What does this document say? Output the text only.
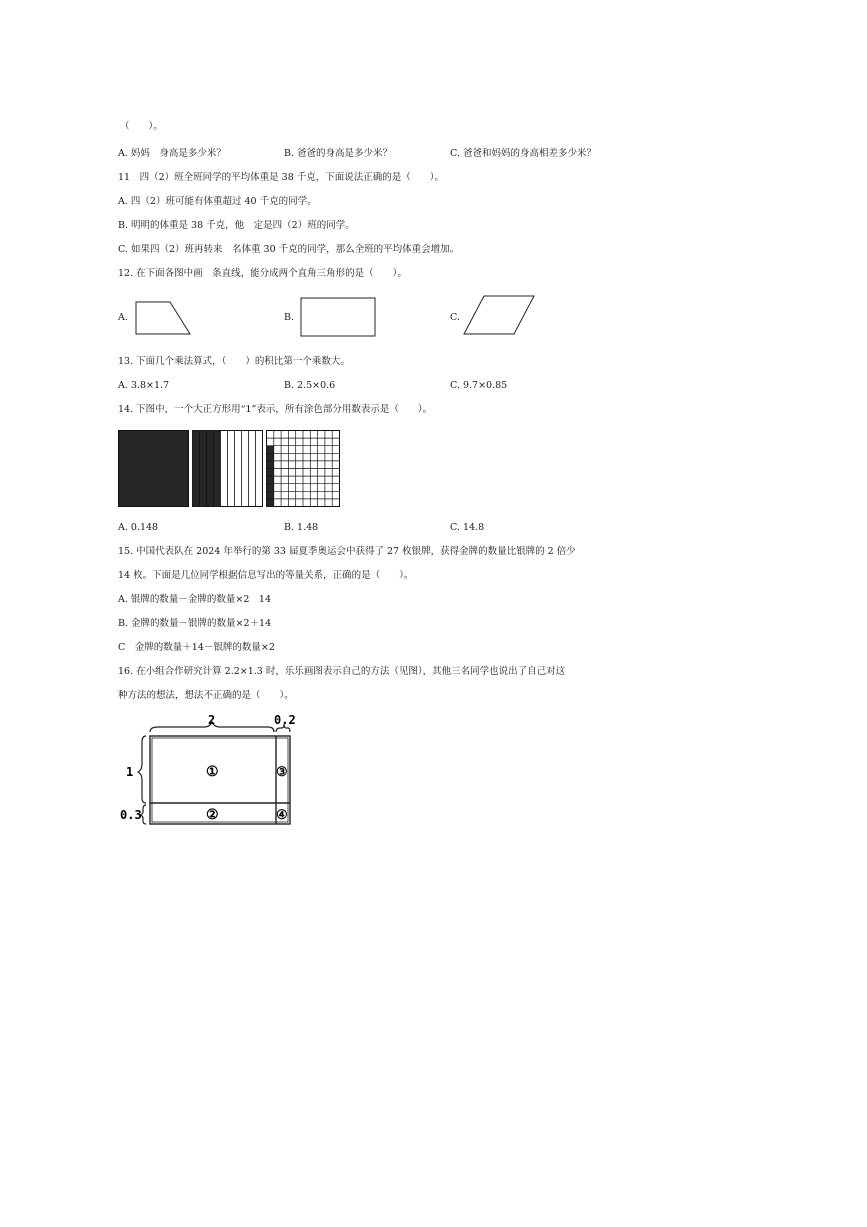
（　　）。
A. 妈妈　身高是多少米？	B. 爸爸的身高是多少米？	C. 爸爸和妈妈的身高相差多少米？
11　四（2）班全班同学的平均体重是 38 千克，下面说法正确的是（　　）。
A. 四（2）班可能有体重超过 40 千克的同学。
B. 明明的体重是 38 千克，他　定是四（2）班的同学。
C. 如果四（2）班再转来　名体重 30 千克的同学，那么全班的平均体重会增加。
12. 在下面各图中画　条直线，能分成两个直角三角形的是（　　）。
A.	B.	C.
13. 下面几个乘法算式，（　　）的积比第一个乘数大。
A. 3.8×1.7	B. 2.5×0.6	C. 9.7×0.85
14. 下图中，一个大正方形用“1”表示，所有涂色部分用数表示是（　　）。
A. 0.148	B. 1.48	C. 14.8
15. 中国代表队在 2024 年举行的第 33 届夏季奥运会中获得了 27 枚银牌，获得金牌的数量比银牌的 2 倍少
14 枚。下面是几位同学根据信息写出的等量关系，正确的是（　　）。
A. 银牌的数量－金牌的数量×2　14
B. 金牌的数量－银牌的数量×2＋14
C　金牌的数量＋14－银牌的数量×2
16. 在小组合作研究计算 2.2×1.3 时，乐乐画图表示自己的方法（见图），其他三名同学也说出了自己对这
种方法的想法，想法不正确的是（　　）。
2	0.2
1
0.3
①
②
③
④
